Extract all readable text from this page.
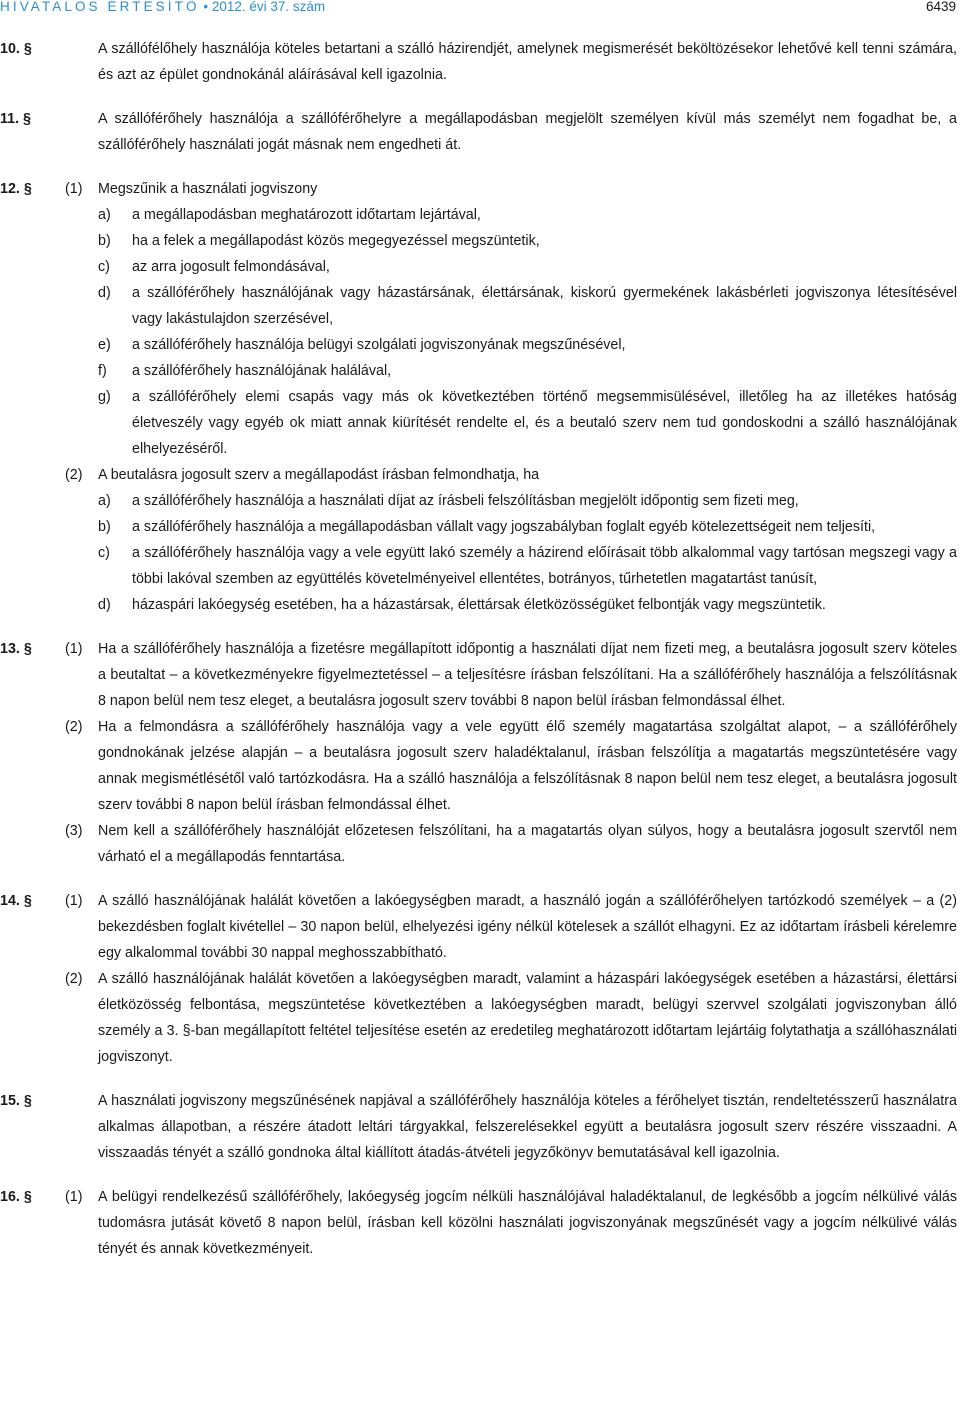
HIVATALOS ÉRTESÍTŐ • 2012. évi 37. szám	6439
10. §	A szállófélőhely használója köteles betartani a szálló házirendjét, amelynek megismerését beköltözésekor lehetővé kell tenni számára, és azt az épület gondnokánál aláírásával kell igazolnia.
11. §	A szállóférőhely használója a szállóférőhelyre a megállapodásban megjelölt személyen kívül más személyt nem fogadhat be, a szállóférőhely használati jogát másnak nem engedheti át.
12. § (1) Megszűnik a használati jogviszony
a) a megállapodásban meghatározott időtartam lejártával,
b) ha a felek a megállapodást közös megegyezéssel megszüntetik,
c) az arra jogosult felmondásával,
d) a szállóférőhely használójának vagy házastársának, élettársának, kiskorú gyermekének lakásbérleti jogviszonya létesítésével vagy lakástulajdon szerzésével,
e) a szállóférőhely használója belügyi szolgálati jogviszonyának megszűnésével,
f) a szállóférőhely használójának halálával,
g) a szállóférőhely elemi csapás vagy más ok következtében történő megsemmisülésével, illetőleg ha az illetékes hatóság életveszély vagy egyéb ok miatt annak kiürítését rendelte el, és a beutaló szerv nem tud gondoskodni a szálló használójának elhelyezéséről.
(2) A beutalásra jogosult szerv a megállapodást írásban felmondhatja, ha
a) a szállóférőhely használója a használati díjat az írásbeli felszólításban megjelölt időpontig sem fizeti meg,
b) a szállóférőhely használója a megállapodásban vállalt vagy jogszabályban foglalt egyéb kötelezettségeit nem teljesíti,
c) a szállóférőhely használója vagy a vele együtt lakó személy a házirend előírásait több alkalommal vagy tartósan megszegi vagy a többi lakóval szemben az együttélés követelményeivel ellentétes, botrányos, tűrhetetlen magatartást tanúsít,
d) házaspári lakóegység esetében, ha a házastársak, élettársak életközösségüket felbontják vagy megszüntetik.
13. § (1) Ha a szállóférőhely használója a fizetésre megállapított időpontig a használati díjat nem fizeti meg, a beutalásra jogosult szerv köteles a beutaltat – a következményekre figyelmeztetéssel – a teljesítésre írásban felszólítani. Ha a szállóférőhely használója a felszólításnak 8 napon belül nem tesz eleget, a beutalásra jogosult szerv további 8 napon belül írásban felmondással élhet.
(2) Ha a felmondásra a szállóférőhely használója vagy a vele együtt élő személy magatartása szolgáltat alapot, – a szállóférőhely gondnokának jelzése alapján – a beutalásra jogosult szerv haladéktalanul, írásban felszólítja a magatartás megszüntetésére vagy annak megismétlésétől való tartózkodásra. Ha a szálló használója a felszólításnak 8 napon belül nem tesz eleget, a beutalásra jogosult szerv további 8 napon belül írásban felmondással élhet.
(3) Nem kell a szállóférőhely használóját előzetesen felszólítani, ha a magatartás olyan súlyos, hogy a beutalásra jogosult szervtől nem várható el a megállapodás fenntartása.
14. § (1) A szálló használójának halálát követően a lakóegységben maradt, a használó jogán a szállóférőhelyen tartózkodó személyek – a (2) bekezdésben foglalt kivétellel – 30 napon belül, elhelyezési igény nélkül kötelesek a szállót elhagyni. Ez az időtartam írásbeli kérelemre egy alkalommal további 30 nappal meghosszabbítható.
(2) A szálló használójának halálát követően a lakóegységben maradt, valamint a házaspári lakóegységek esetében a házastársi, élettársi életközösség felbontása, megszüntetése következtében a lakóegységben maradt, belügyi szervvel szolgálati jogviszonyban álló személy a 3. §-ban megállapított feltétel teljesítése esetén az eredetileg meghatározott időtartam lejártáig folytathatja a szállóhasználati jogviszonyt.
15. §	A használati jogviszony megszűnésének napjával a szállóférőhely használója köteles a férőhelyet tisztán, rendeltetésszerű használatra alkalmas állapotban, a részére átadott leltári tárgyakkal, felszerelésekkel együtt a beutalásra jogosult szerv részére visszaadni. A visszaadás tényét a szálló gondnoka által kiállított átadás-átvételi jegyzőkönyv bemutatásával kell igazolnia.
16. § (1) A belügyi rendelkezésű szállóférőhely, lakóegység jogcím nélküli használójával haladéktalanul, de legkésőbb a jogcím nélkülivé válás tudomásra jutását követő 8 napon belül, írásban kell közölni használati jogviszonyának megszűnését vagy a jogcím nélkülivé válás tényét és annak következményeit.
